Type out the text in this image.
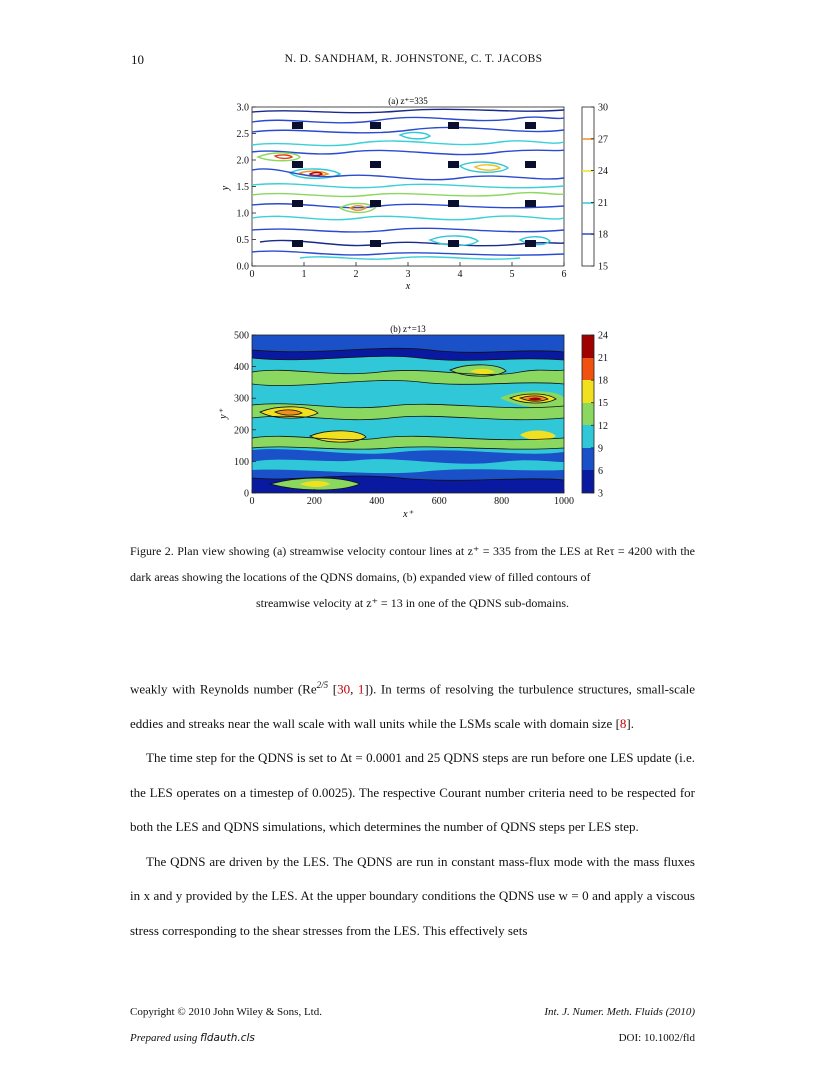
10	N. D. SANDHAM, R. JOHNSTONE, C. T. JACOBS
(a) z⁺=335
0	1	2	3	4	5	6
0.0
0.5
1.0
1.5
2.0
2.5
3.0
x
y
15
18
21
24
27
30
(b) z⁺=13
0	200	400	600	800	1000
0
100
200
300
400
500
x⁺
y⁺
3
6
9
12
15
18
21
24
Figure 2. Plan view showing (a) streamwise velocity contour lines at z⁺ = 335 from the LES at Reτ = 4200 with the dark areas showing the locations of the QDNS domains, (b) expanded view of filled contours of
streamwise velocity at z⁺ = 13 in one of the QDNS sub-domains.

weakly with Reynolds number ($Re^{2/5}$ [30, 1]). In terms of resolving the turbulence structures, small-scale eddies and streaks near the wall scale with wall units while the LSMs scale with domain size [8].

The time step for the QDNS is set to Δt = 0.0001 and 25 QDNS steps are run before one LES update (i.e. the LES operates on a timestep of 0.0025). The respective Courant number criteria need to be respected for both the LES and QDNS simulations, which determines the number of QDNS steps per LES step.

The QDNS are driven by the LES. The QDNS are run in constant mass-flux mode with the mass fluxes in x and y provided by the LES. At the upper boundary conditions the QDNS use w = 0 and apply a viscous stress corresponding to the shear stresses from the LES. This effectively sets

Copyright © 2010 John Wiley & Sons, Ltd.	Int. J. Numer. Meth. Fluids (2010)
Prepared using fldauth.cls	DOI: 10.1002/fld
